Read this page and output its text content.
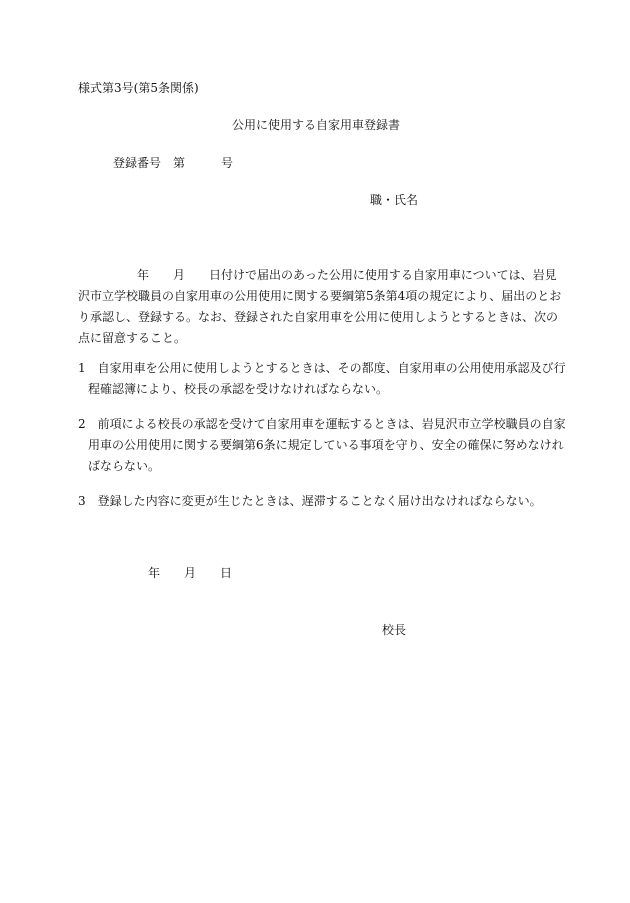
様式第3号(第5条関係)
公用に使用する自家用車登録書
登録番号 第	号
職・氏名
年 月 日付けで届出のあった公用に使用する自家用車については、岩見
沢市立学校職員の自家用車の公用使用に関する要綱第5条第4項の規定により、届出のとお
り承認し、登録する。なお、登録された自家用車を公用に使用しようとするときは、次の
点に留意すること。
1 自家用車を公用に使用しようとするときは、その都度、自家用車の公用使用承認及び行
程確認簿により、校長の承認を受けなければならない。
2 前項による校長の承認を受けて自家用車を運転するときは、岩見沢市立学校職員の自家
用車の公用使用に関する要綱第6条に規定している事項を守り、安全の確保に努めなけれ
ばならない。
3 登録した内容に変更が生じたときは、遅滞することなく届け出なければならない。
年 月 日
校長
